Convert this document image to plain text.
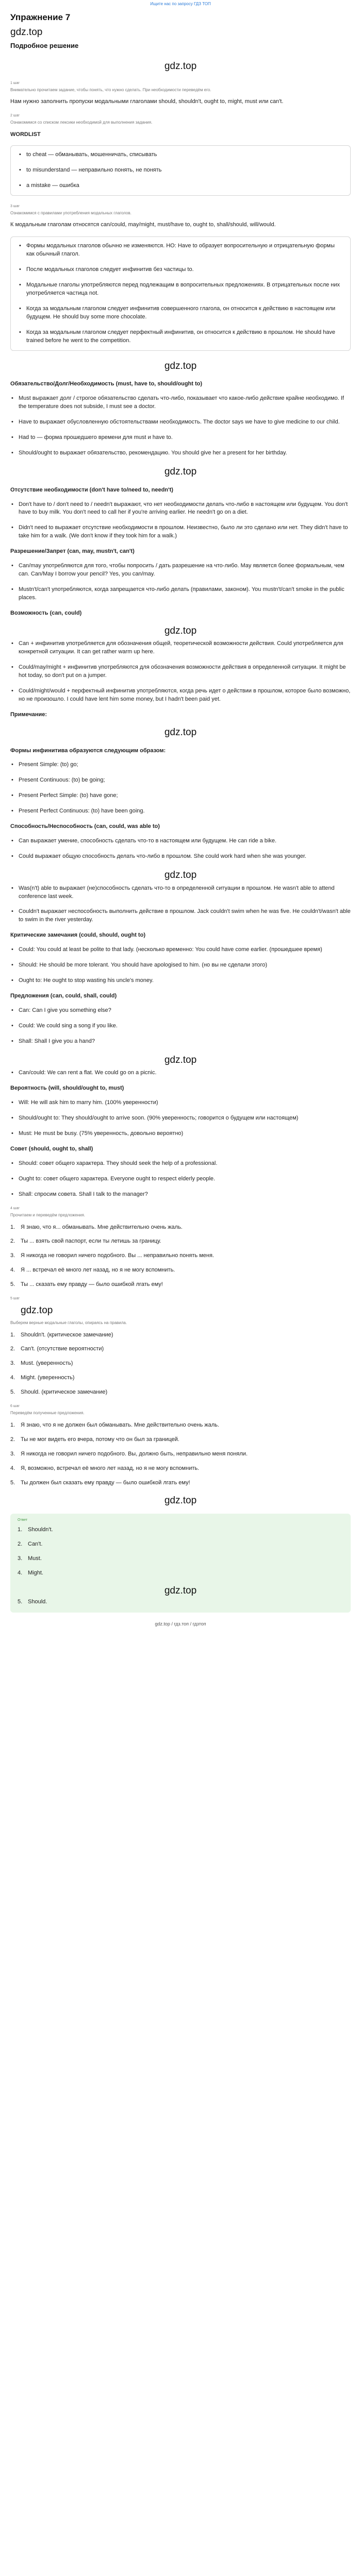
Ищите нас по запросу ГДЗ ТОП
Упражнение 7
gdz.top
Подробное решение
gdz.top
1 шаг
Внимательно прочитаем задание, чтобы понять, что нужно сделать. При необходимости переведём его.
Нам нужно заполнить пропуски модальными глаголами should, shouldn't, ought to, might, must или can't.
2 шаг
Ознакомимся со списком лексики необходимой для выполнения задания.
WORDLIST
• to cheat — обманывать, мошенничать, списывать
• to misunderstand — неправильно понять, не понять
• a mistake — ошибка
3 шаг
Ознакомимся с правилами употребления модальных глаголов.
К модальным глаголам относятся can/could, may/might, must/have to, ought to, shall/should, will/would.
• Формы модальных глаголов обычно не изменяются. НО: Have to образует вопросительную и отрицательную формы как обычный глагол.
• После модальных глаголов следует инфинитив без частицы to.
• Модальные глаголы употребляются перед подлежащим в вопросительных предложениях. В отрицательных после них употребляется частица not.
• Когда за модальным глаголом следует инфинитив совершенного глагола, он относится к действию в настоящем или будущем. He should buy some more chocolate.
• Когда за модальным глаголом следует перфектный инфинитив, он относится к действию в прошлом. He should have trained before he went to the competition.
gdz.top
Обязательство/Долг/Необходимость (must, have to, should/ought to)
• Must выражает долг / строгое обязательство сделать что-либо, показывает что какое-либо действие крайне необходимо. If the temperature does not subside, I must see a doctor.
• Have to выражает обусловленную обстоятельствами необходимость. The doctor says we have to give medicine to our child.
• Had to — форма прошедшего времени для must и have to.
• Should/ought to выражает обязательство, рекомендацию. You should give her a present for her birthday.
gdz.top
Отсутствие необходимости (don't have to/need to, needn't)
• Don't have to / don't need to / needn't выражают, что нет необходимости делать что-либо в настоящем или будущем. You don't have to buy milk. You don't need to call her if you're arriving earlier. He needn't go on a diet.
• Didn't need to выражает отсутствие необходимости в прошлом. Неизвестно, было ли это сделано или нет. They didn't have to take him for a walk. (We don't know if they took him for a walk.)
Разрешение/Запрет (can, may, mustn't, can't)
• Can/may употребляются для того, чтобы попросить / дать разрешение на что-либо. May является более формальным, чем can. Can/May I borrow your pencil? Yes, you can/may.
• Mustn't/can't употребляются, когда запрещается что-либо делать (правилами, законом). You mustn't/can't smoke in the public places.
Возможность (can, could)
gdz.top
• Can + инфинитив употребляется для обозначения общей, теоретической возможности действия. Could употребляется для конкретной ситуации. It can get rather warm up here.
• Could/may/might + инфинитив употребляются для обозначения возможности действия в определенной ситуации. It might be hot today, so don't put on a jumper.
• Could/might/would + перфектный инфинитив употребляются, когда речь идет о действии в прошлом, которое было возможно, но не произошло. I could have lent him some money, but I hadn't been paid yet.
Примечание:
gdz.top
Формы инфинитива образуются следующим образом:
• Present Simple: (to) go;
• Present Continuous: (to) be going;
• Present Perfect Simple: (to) have gone;
• Present Perfect Continuous: (to) have been going.
Способность/Неспособность (can, could, was able to)
• Can выражает умение, способность сделать что-то в настоящем или будущем. He can ride a bike.
• Could выражает общую способность делать что-либо в прошлом. She could work hard when she was younger.
gdz.top
• Was(n't) able to выражает (не)способность сделать что-то в определенной ситуации в прошлом. He wasn't able to attend conference last week.
• Couldn't выражает неспособность выполнить действие в прошлом. Jack couldn't swim when he was five. He couldn't/wasn't able to swim in the river yesterday.
Критические замечания (could, should, ought to)
• Could: You could at least be polite to that lady. (несколько временно: You could have come earlier. (прошедшее время)
• Should: He should be more tolerant. You should have apologised to him. (но вы не сделали этого)
• Ought to: He ought to stop wasting his uncle's money.
Предложения (can, could, shall, could)
• Can: Can I give you something else?
• Could: We could sing a song if you like.
• Shall: Shall I give you a hand?
gdz.top
• Can/could: We can rent a flat. We could go on a picnic.
Вероятность (will, should/ought to, must)
• Will: He will ask him to marry him. (100% уверенности)
• Should/ought to: They should/ought to arrive soon. (90% уверенность; говорится о будущем или настоящем)
• Must: He must be busy. (75% уверенность, довольно вероятно)
Совет (should, ought to, shall)
• Should: совет общего характера. They should seek the help of a professional.
• Ought to: совет общего характера. Everyone ought to respect elderly people.
• Shall: спросим совета. Shall I talk to the manager?
4 шаг
Прочитаем и переведём предложения.
1. Я знаю, что я... обманывать. Мне действительно очень жаль.
2. Ты ... взять свой паспорт, если ты летишь за границу.
3. Я никогда не говорил ничего подобного. Вы ... неправильно понять меня.
4. Я ... встречал её много лет назад, но я не могу вспомнить.
5. Ты ... сказать ему правду — было ошибкой лгать ему!
5 шаг
gdz.top
Выберем верные модальные глаголы, опираясь на правила.
1. Shouldn't. (критическое замечание)
2. Can't. (отсутствие вероятности)
3. Must. (уверенность)
4. Might. (уверенность)
5. Should. (критическое замечание)
6 шаг
Переведём полученные предложения.
1. Я знаю, что я не должен был обманывать. Мне действительно очень жаль.
2. Ты не мог видеть его вчера, потому что он был за границей.
3. Я никогда не говорил ничего подобного. Вы, должно быть, неправильно меня поняли.
4. Я, возможно, встречал её много лет назад, но я не могу вспомнить.
5. Ты должен был сказать ему правду — было ошибкой лгать ему!
gdz.top
Ответ
1. Shouldn't.
2. Can't.
3. Must.
4. Might.
gdz.top
5. Should.
gdz.top / гдз.топ / гдзтоп
